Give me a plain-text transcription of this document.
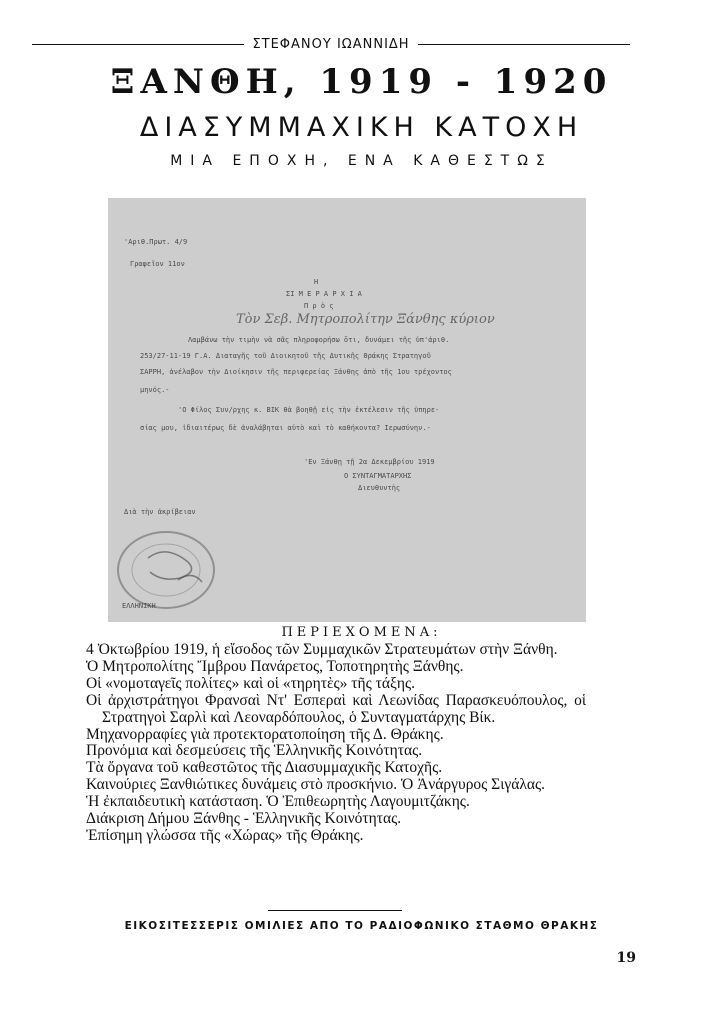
ΣΤΕΦΑΝΟΥ ΙΩΑΝΝΙΔΗ
ΞΑΝΘΗ, 1919 - 1920
ΔΙΑΣΥΜΜΑΧΙΚΗ ΚΑΤΟΧΗ
ΜΙΑ ΕΠΟΧΗ, ΕΝΑ ΚΑΘΕΣΤΩΣ
'Αριθ.Πρωτ. 4/9
Γραφεῖον 11ον
Η
ΣΙ Μ Ε Ρ Α Ρ Χ Ι Α
Π ρ ὸ ς
Τὸν Σεβ. Μητροπολίτην Ξάνθης κύριον
Λαμβάνω τὴν τιμὴν νὰ σᾶς πληροφορήσω ὅτι, δυνάμει τῆς ὑπ'ἀριθ.
253/27-11-19 Γ.Α. Διαταγῆς τοῦ Διοικητοῦ τῆς Δυτικῆς Θράκης Στρατηγοῦ
ΣΑΡΡΗ, ἀνέλαβον τὴν Διοίκησιν τῆς περιφερείας Ξάνθης ἀπὸ τῆς 1ου τρέχοντος
μηνός.-
'Ο Φίλος Συν/ρχης κ. ΒΙΚ θὰ βοηθῇ εἰς τὴν ἐκτέλεσιν τῆς ὑπηρε-
σίας μου, ἰδιαιτέρως δὲ ἀναλάβηται αὐτὸ καὶ τὸ καθήκοντα? Ιερωσύνην.-
'Εν Ξάνθῃ τῇ 2α Δεκεμβρίου 1919
Ο ΣΥΝΤΑΓΜΑΤΑΡΧΗΣ
Διευθυντὴς
Διὰ τὴν ἀκρίβειαν
ΕΛΛΗΝΙΚΗ
ΠΕΡΙΕΧΟΜΕΝΑ:
4 Ὀκτωβρίου 1919, ἡ εἴσοδος τῶν Συμμαχικῶν Στρατευμάτων στὴν Ξάνθη.
Ὁ Μητροπολίτης Ἴμβρου Πανάρετος, Τοποτηρητὴς Ξάνθης.
Οἱ «νομοταγεῖς πολίτες» καὶ οἱ «τηρητὲς» τῆς τάξης.
Οἱ ἀρχιστράτηγοι Φρανσαὶ Ντ' Εσπεραὶ καὶ Λεωνίδας Παρασκευόπουλος, οἱ Στρατηγοὶ Σαρλὶ καὶ Λεοναρδόπουλος, ὁ Συνταγματάρχης Βίκ.
Μηχανορραφίες γιὰ προτεκτορατοποίηση τῆς Δ. Θράκης.
Προνόμια καὶ δεσμεύσεις τῆς Ἑλληνικῆς Κοινότητας.
Τὰ ὄργανα τοῦ καθεστῶτος τῆς Διασυμμαχικῆς Κατοχῆς.
Καινούριες Ξανθιώτικες δυνάμεις στὸ προσκήνιο. Ὁ Ἀνάργυρος Σιγάλας.
Ἡ ἐκπαιδευτικὴ κατάσταση. Ὁ Ἐπιθεωρητὴς Λαγουμιτζάκης.
Διάκριση Δήμου Ξάνθης - Ἑλληνικῆς Κοινότητας.
Ἐπίσημη γλώσσα τῆς «Χώρας» τῆς Θράκης.
ΕΙΚΟΣΙΤΕΣΣΕΡΙΣ ΟΜΙΛΙΕΣ ΑΠΟ ΤΟ ΡΑΔΙΟΦΩΝΙΚΟ ΣΤΑΘΜΟ ΘΡΑΚΗΣ
19
